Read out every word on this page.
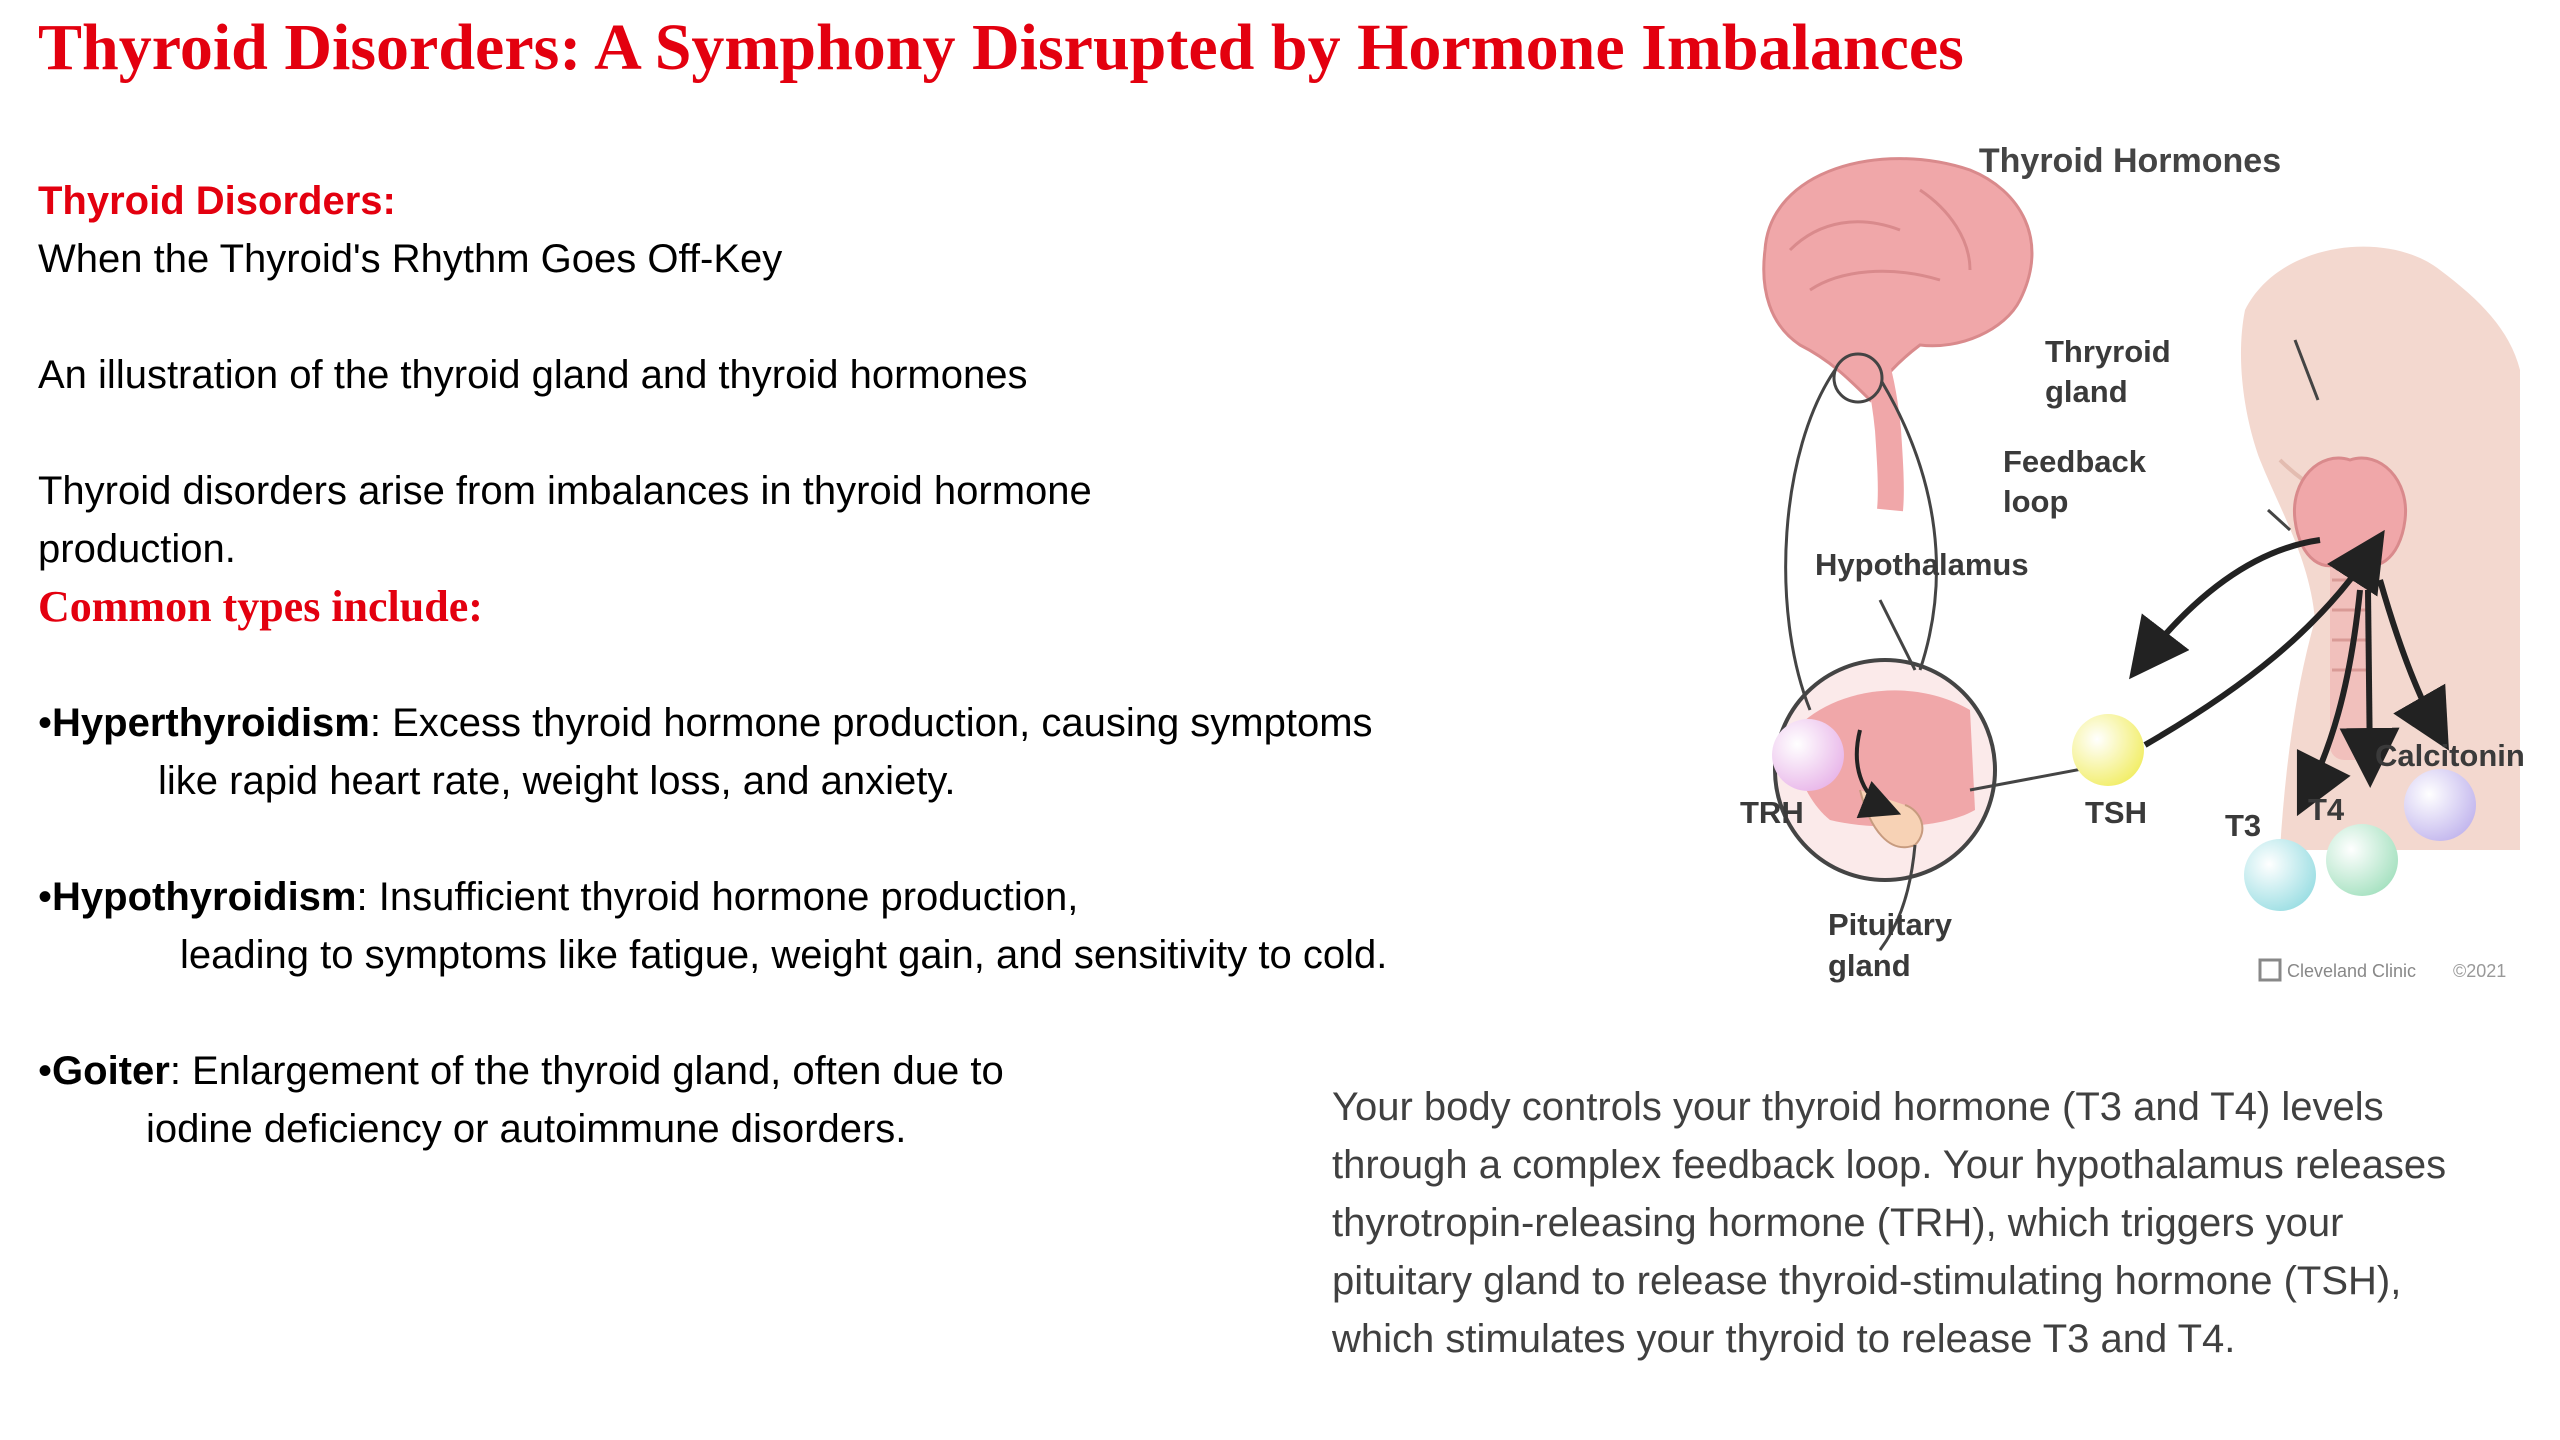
Thyroid Disorders: A Symphony Disrupted by Hormone Imbalances
Thyroid Disorders:
When the Thyroid's Rhythm Goes Off-Key
An illustration of the thyroid gland and thyroid hormones
Thyroid disorders arise from imbalances in thyroid hormone
production.
Common types include:
•Hyperthyroidism: Excess thyroid hormone production, causing symptoms
like rapid heart rate, weight loss, and anxiety.
•Hypothyroidism: Insufficient thyroid hormone production,
leading to symptoms like fatigue, weight gain, and sensitivity to cold.
•Goiter: Enlargement of the thyroid gland, often due to
iodine deficiency or autoimmune disorders.	Your body controls your thyroid hormone (T3 and T4) levels
through a complex feedback loop. Your hypothalamus releases
thyrotropin-releasing hormone (TRH), which triggers your
pituitary gland to release thyroid-stimulating hormone (TSH),
which stimulates your thyroid to release T3 and T4.
Thyroid Hormones
Thryroid
gland
Feedback
loop
Hypothalamus
TRH	TSH	T3 T4
Calcitonin
Pituitary
gland	Cleveland Clinic ©2021
